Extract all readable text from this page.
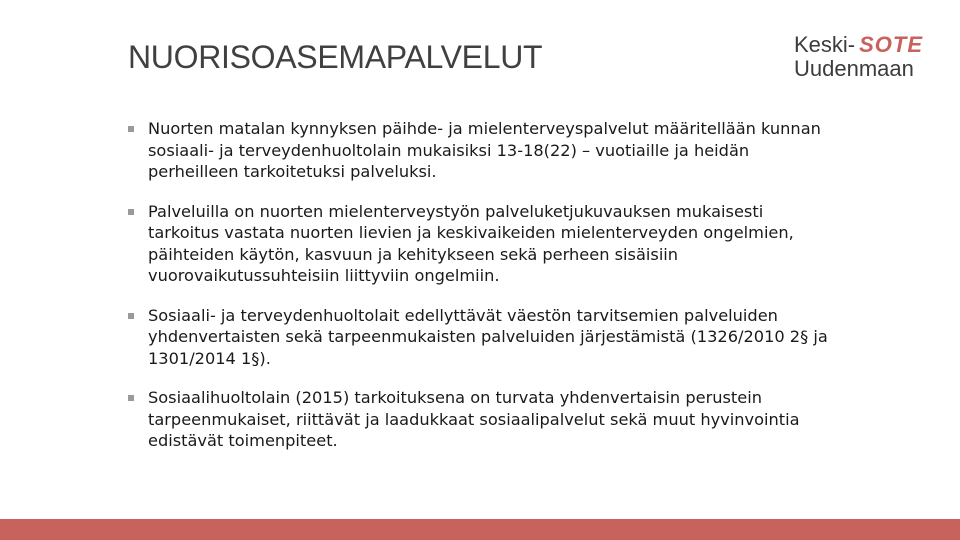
NUORISOASEMAPALVELUT	Keski- SOTE
Uudenmaan
Nuorten matalan kynnyksen päihde- ja mielenterveyspalvelut määritellään kunnan sosiaali- ja terveydenhuoltolain mukaisiksi 13-18(22) – vuotiaille ja heidän perheilleen tarkoitetuksi palveluksi.
Palveluilla on nuorten mielenterveystyön palveluketjukuvauksen mukaisesti tarkoitus vastata nuorten lievien ja keskivaikeiden mielenterveyden ongelmien, päihteiden käytön, kasvuun ja kehitykseen sekä perheen sisäisiin vuorovaikutussuhteisiin liittyviin ongelmiin.
Sosiaali- ja terveydenhuoltolait edellyttävät väestön tarvitsemien palveluiden yhdenvertaisten sekä tarpeenmukaisten palveluiden järjestämistä (1326/2010 2§ ja 1301/2014 1§).
Sosiaalihuoltolain (2015) tarkoituksena on turvata yhdenvertaisin perustein tarpeenmukaiset, riittävät ja laadukkaat sosiaalipalvelut sekä muut hyvinvointia edistävät toimenpiteet.
